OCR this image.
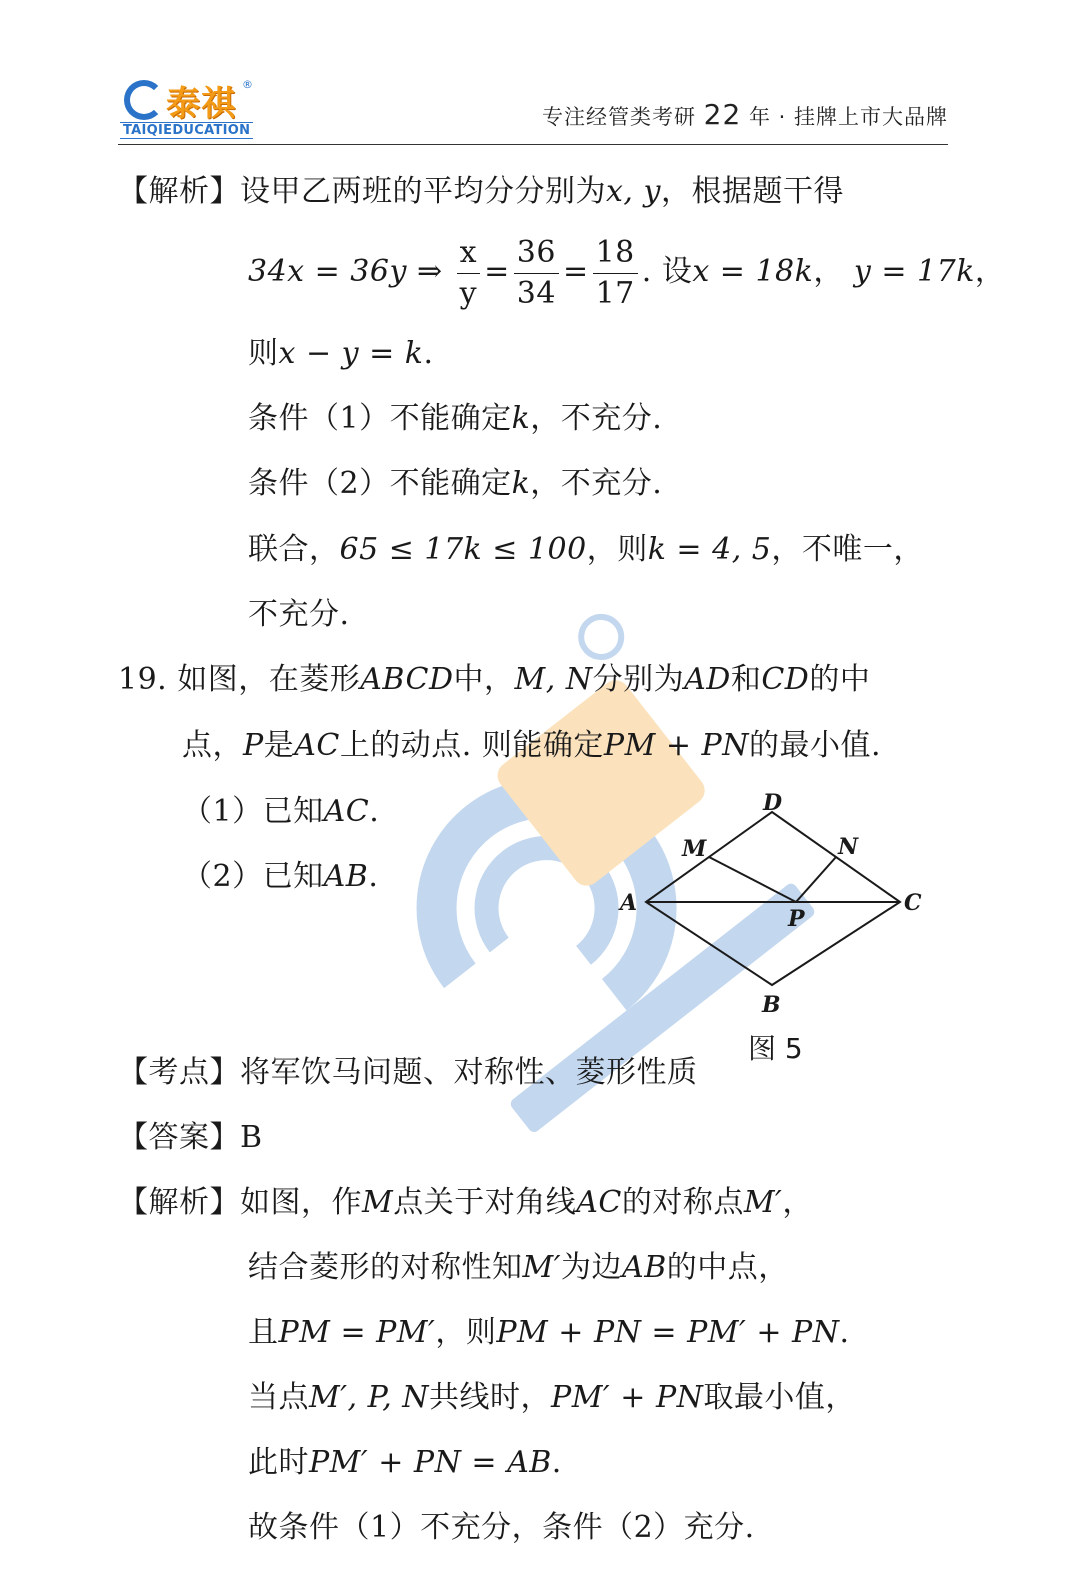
泰祺 ®
TAIQIEDUCATION
专注经管类考研 22 年 · 挂牌上市大品牌
【解析】设甲乙两班的平均分分别为x, y，根据题干得
34x = 36y ⇒ $\frac{x}{y} = \frac{36}{34} = \frac{18}{17}$ . 设x = 18k， y = 17k，
则x − y = k.
条件（1）不能确定k，不充分.
条件（2）不能确定k，不充分.
联合，65 ≤ 17k ≤ 100，则k = 4, 5，不唯一，
不充分.
19. 如图，在菱形ABCD中，M, N分别为AD和CD的中
点，P是AC上的动点. 则能确定PM + PN的最小值.
（1）已知AC.
（2）已知AB.
A
B
C
D
M	N
P
图 5
【考点】将军饮马问题、对称性、菱形性质
【答案】B
【解析】如图，作M点关于对角线AC的对称点M′，
结合菱形的对称性知M′为边AB的中点，
且PM = PM′，则PM + PN = PM′ + PN.
当点M′, P, N共线时，PM′ + PN取最小值，
此时PM′ + PN = AB.
故条件（1）不充分，条件（2）充分.
